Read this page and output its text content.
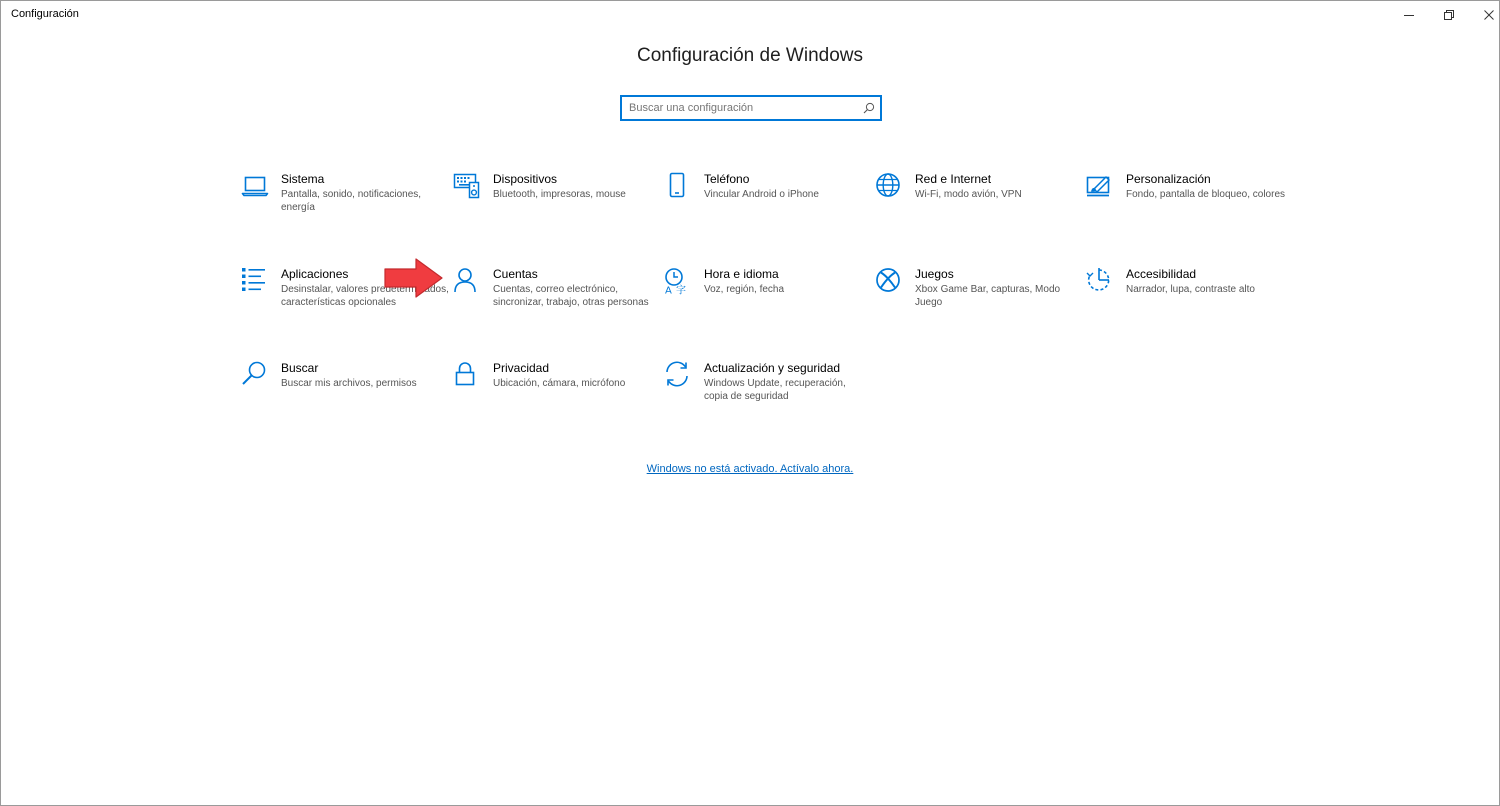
Configuración
Configuración de Windows
Buscar una configuración
Sistema
Pantalla, sonido, notificaciones, energía
Dispositivos
Bluetooth, impresoras, mouse
Teléfono
Vincular Android o iPhone
Red e Internet
Wi-Fi, modo avión, VPN
Personalización
Fondo, pantalla de bloqueo, colores
Aplicaciones
Desinstalar, valores predeterminados, características opcionales
Cuentas
Cuentas, correo electrónico, sincronizar, trabajo, otras personas
A 字
Hora e idioma
Voz, región, fecha
Juegos
Xbox Game Bar, capturas, Modo Juego
Accesibilidad
Narrador, lupa, contraste alto
Buscar
Buscar mis archivos, permisos
Privacidad
Ubicación, cámara, micrófono
Actualización y seguridad
Windows Update, recuperación, copia de seguridad
Windows no está activado. Actívalo ahora.
